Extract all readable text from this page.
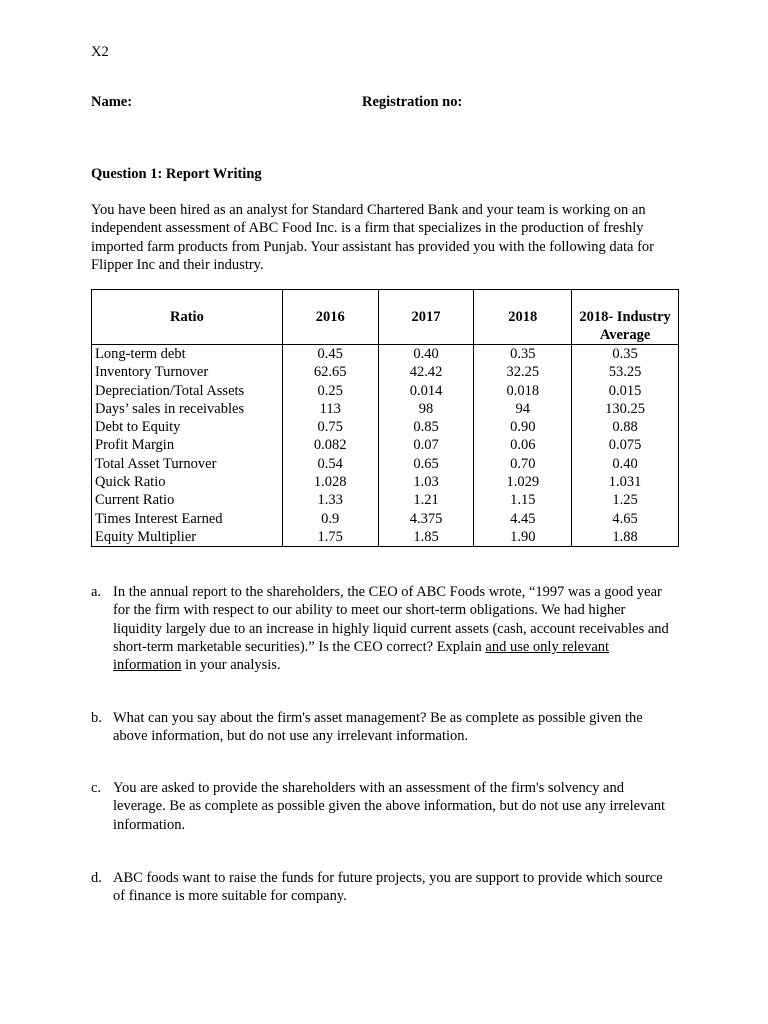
X2
Name:	Registration no:
Question 1: Report Writing
You have been hired as an analyst for Standard Chartered Bank and your team is working on an independent assessment of ABC Food Inc. is a firm that specializes in the production of freshly imported farm products from Punjab. Your assistant has provided you with the following data for Flipper Inc and their industry.
Ratio	2016	2017	2018	2018- Industry Average
Long-term debt	0.45	0.40	0.35	0.35
Inventory Turnover	62.65	42.42	32.25	53.25
Depreciation/Total Assets	0.25	0.014	0.018	0.015
Days’ sales in receivables	113	98	94	130.25
Debt to Equity	0.75	0.85	0.90	0.88
Profit Margin	0.082	0.07	0.06	0.075
Total Asset Turnover	0.54	0.65	0.70	0.40
Quick Ratio	1.028	1.03	1.029	1.031
Current Ratio	1.33	1.21	1.15	1.25
Times Interest Earned	0.9	4.375	4.45	4.65
Equity Multiplier	1.75	1.85	1.90	1.88
a. In the annual report to the shareholders, the CEO of ABC Foods wrote, “1997 was a good year for the firm with respect to our ability to meet our short-term obligations. We had higher liquidity largely due to an increase in highly liquid current assets (cash, account receivables and short-term marketable securities).” Is the CEO correct? Explain and use only relevant information in your analysis.
b. What can you say about the firm's asset management? Be as complete as possible given the above information, but do not use any irrelevant information.
c. You are asked to provide the shareholders with an assessment of the firm's solvency and leverage. Be as complete as possible given the above information, but do not use any irrelevant information.
d. ABC foods want to raise the funds for future projects, you are support to provide which source of finance is more suitable for company.
